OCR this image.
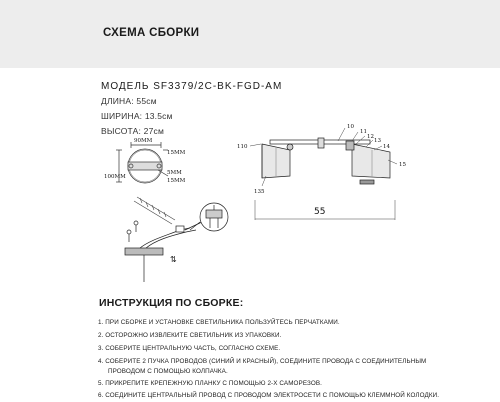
СХЕМА СБОРКИ
МОДЕЛЬ SF3379/2C-BK-FGD-AM
ДЛИНА: 55см
ШИРИНА: 13.5см
ВЫСОТА: 27см
90ММ
100ММ
15ММ
5ММ
15ММ
⇅
110
135
10
11
12
13
14
15
55
ИНСТРУКЦИЯ ПО СБОРКЕ:
1. ПРИ СБОРКЕ И УСТАНОВКЕ СВЕТИЛЬНИКА ПОЛЬЗУЙТЕСЬ ПЕРЧАТКАМИ.
2. ОСТОРОЖНО ИЗВЛЕКИТЕ СВЕТИЛЬНИК ИЗ УПАКОВКИ.
3. СОБЕРИТЕ ЦЕНТРАЛЬНУЮ ЧАСТЬ, СОГЛАСНО СХЕМЕ.
4. СОБЕРИТЕ 2 ПУЧКА ПРОВОДОВ (СИНИЙ И КРАСНЫЙ), СОЕДИНИТЕ ПРОВОДА С СОЕДИНИТЕЛЬНЫМ
ПРОВОДОМ С ПОМОЩЬЮ КОЛПАЧКА.
5. ПРИКРЕПИТЕ КРЕПЕЖНУЮ ПЛАНКУ С ПОМОЩЬЮ 2-Х САМОРЕЗОВ.
6. СОЕДИНИТЕ ЦЕНТРАЛЬНЫЙ ПРОВОД С ПРОВОДОМ ЭЛЕКТРОСЕТИ С ПОМОЩЬЮ КЛЕММНОЙ КОЛОДКИ.
